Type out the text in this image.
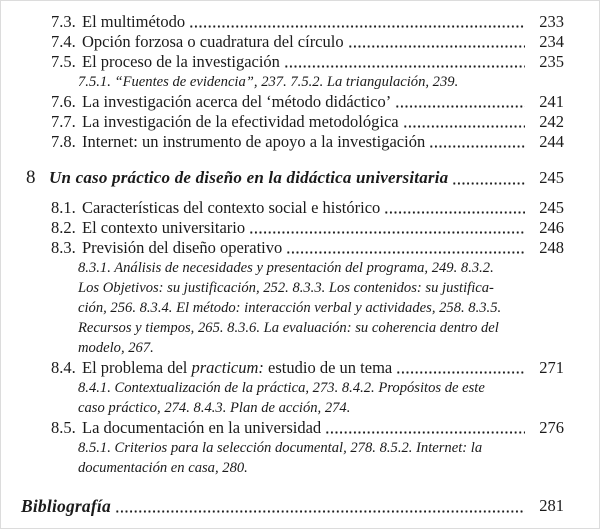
7.3. El multimétodo	233
7.4. Opción forzosa o cuadratura del círculo	234
7.5. El proceso de la investigación	235
7.5.1. “Fuentes de evidencia”, 237. 7.5.2. La triangulación, 239.
7.6. La investigación acerca del ‘método didáctico’	241
7.7. La investigación de la efectividad metodológica	242
7.8. Internet: un instrumento de apoyo a la investigación	244
8 Un caso práctico de diseño en la didáctica universitaria	245
8.1. Características del contexto social e histórico	245
8.2. El contexto universitario	246
8.3. Previsión del diseño operativo	248
8.3.1. Análisis de necesidades y presentación del programa, 249. 8.3.2.
Los Objetivos: su justificación, 252. 8.3.3. Los contenidos: su justifica-
ción, 256. 8.3.4. El método: interacción verbal y actividades, 258. 8.3.5.
Recursos y tiempos, 265. 8.3.6. La evaluación: su coherencia dentro del
modelo, 267.
8.4. El problema del practicum: estudio de un tema	271
8.4.1. Contextualización de la práctica, 273. 8.4.2. Propósitos de este
caso práctico, 274. 8.4.3. Plan de acción, 274.
8.5. La documentación en la universidad	276
8.5.1. Criterios para la selección documental, 278. 8.5.2. Internet: la
documentación en casa, 280.
Bibliografía	281
